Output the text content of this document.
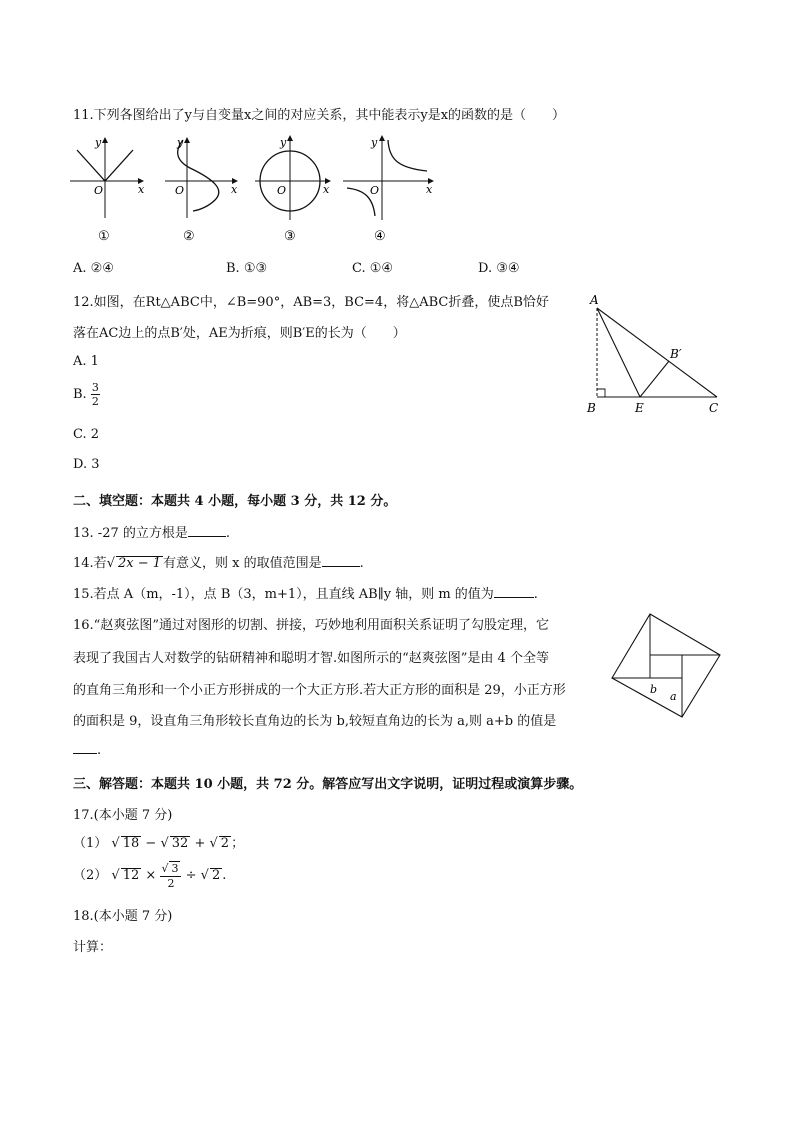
11.下列各图给出了y与自变量x之间的对应关系，其中能表示y是x的函数的是（　　）
y
x
O
①
y
x
O
②
y
x
O
③
y
x
O
④
A. ②④	B. ①③	C. ①④	D. ③④
12.如图，在Rt△ABC中，∠B=90°，AB=3，BC=4，将△ABC折叠，使点B恰好
落在AC边上的点B′处，AE为折痕，则B′E的长为（　　）
A. 1
B. $\frac{3}{2}$
C. 2
D. 3
A
B	C
E
B′
二、填空题：本题共 4 小题，每小题 3 分，共 12 分。
13. -27 的立方根是	.
14.若 √ 2x − 1 有意义，则 x 的取值范围是	.
15.若点 A（m，-1），点 B（3，m+1），且直线 AB∥y 轴，则 m 的值为	.
16.“赵爽弦图”通过对图形的切割、拼接，巧妙地利用面积关系证明了勾股定理，它
表现了我国古人对数学的钻研精神和聪明才智.如图所示的“赵爽弦图”是由 4 个全等
的直角三角形和一个小正方形拼成的一个大正方形.若大正方形的面积是 29，小正方形
的面积是 9，设直角三角形较长直角边的长为 b,较短直角边的长为 a,则 a+b 的值是
.
b
a
三、解答题：本题共 10 小题，共 72 分。解答应写出文字说明，证明过程或演算步骤。
17.(本小题 7 分)
（1） √ 18 − √ 32 + √ 2 ；
（2） √ 12 × √ $\frac{3}{2}$ ÷ √ 2 .
18.(本小题 7 分)
计算：
